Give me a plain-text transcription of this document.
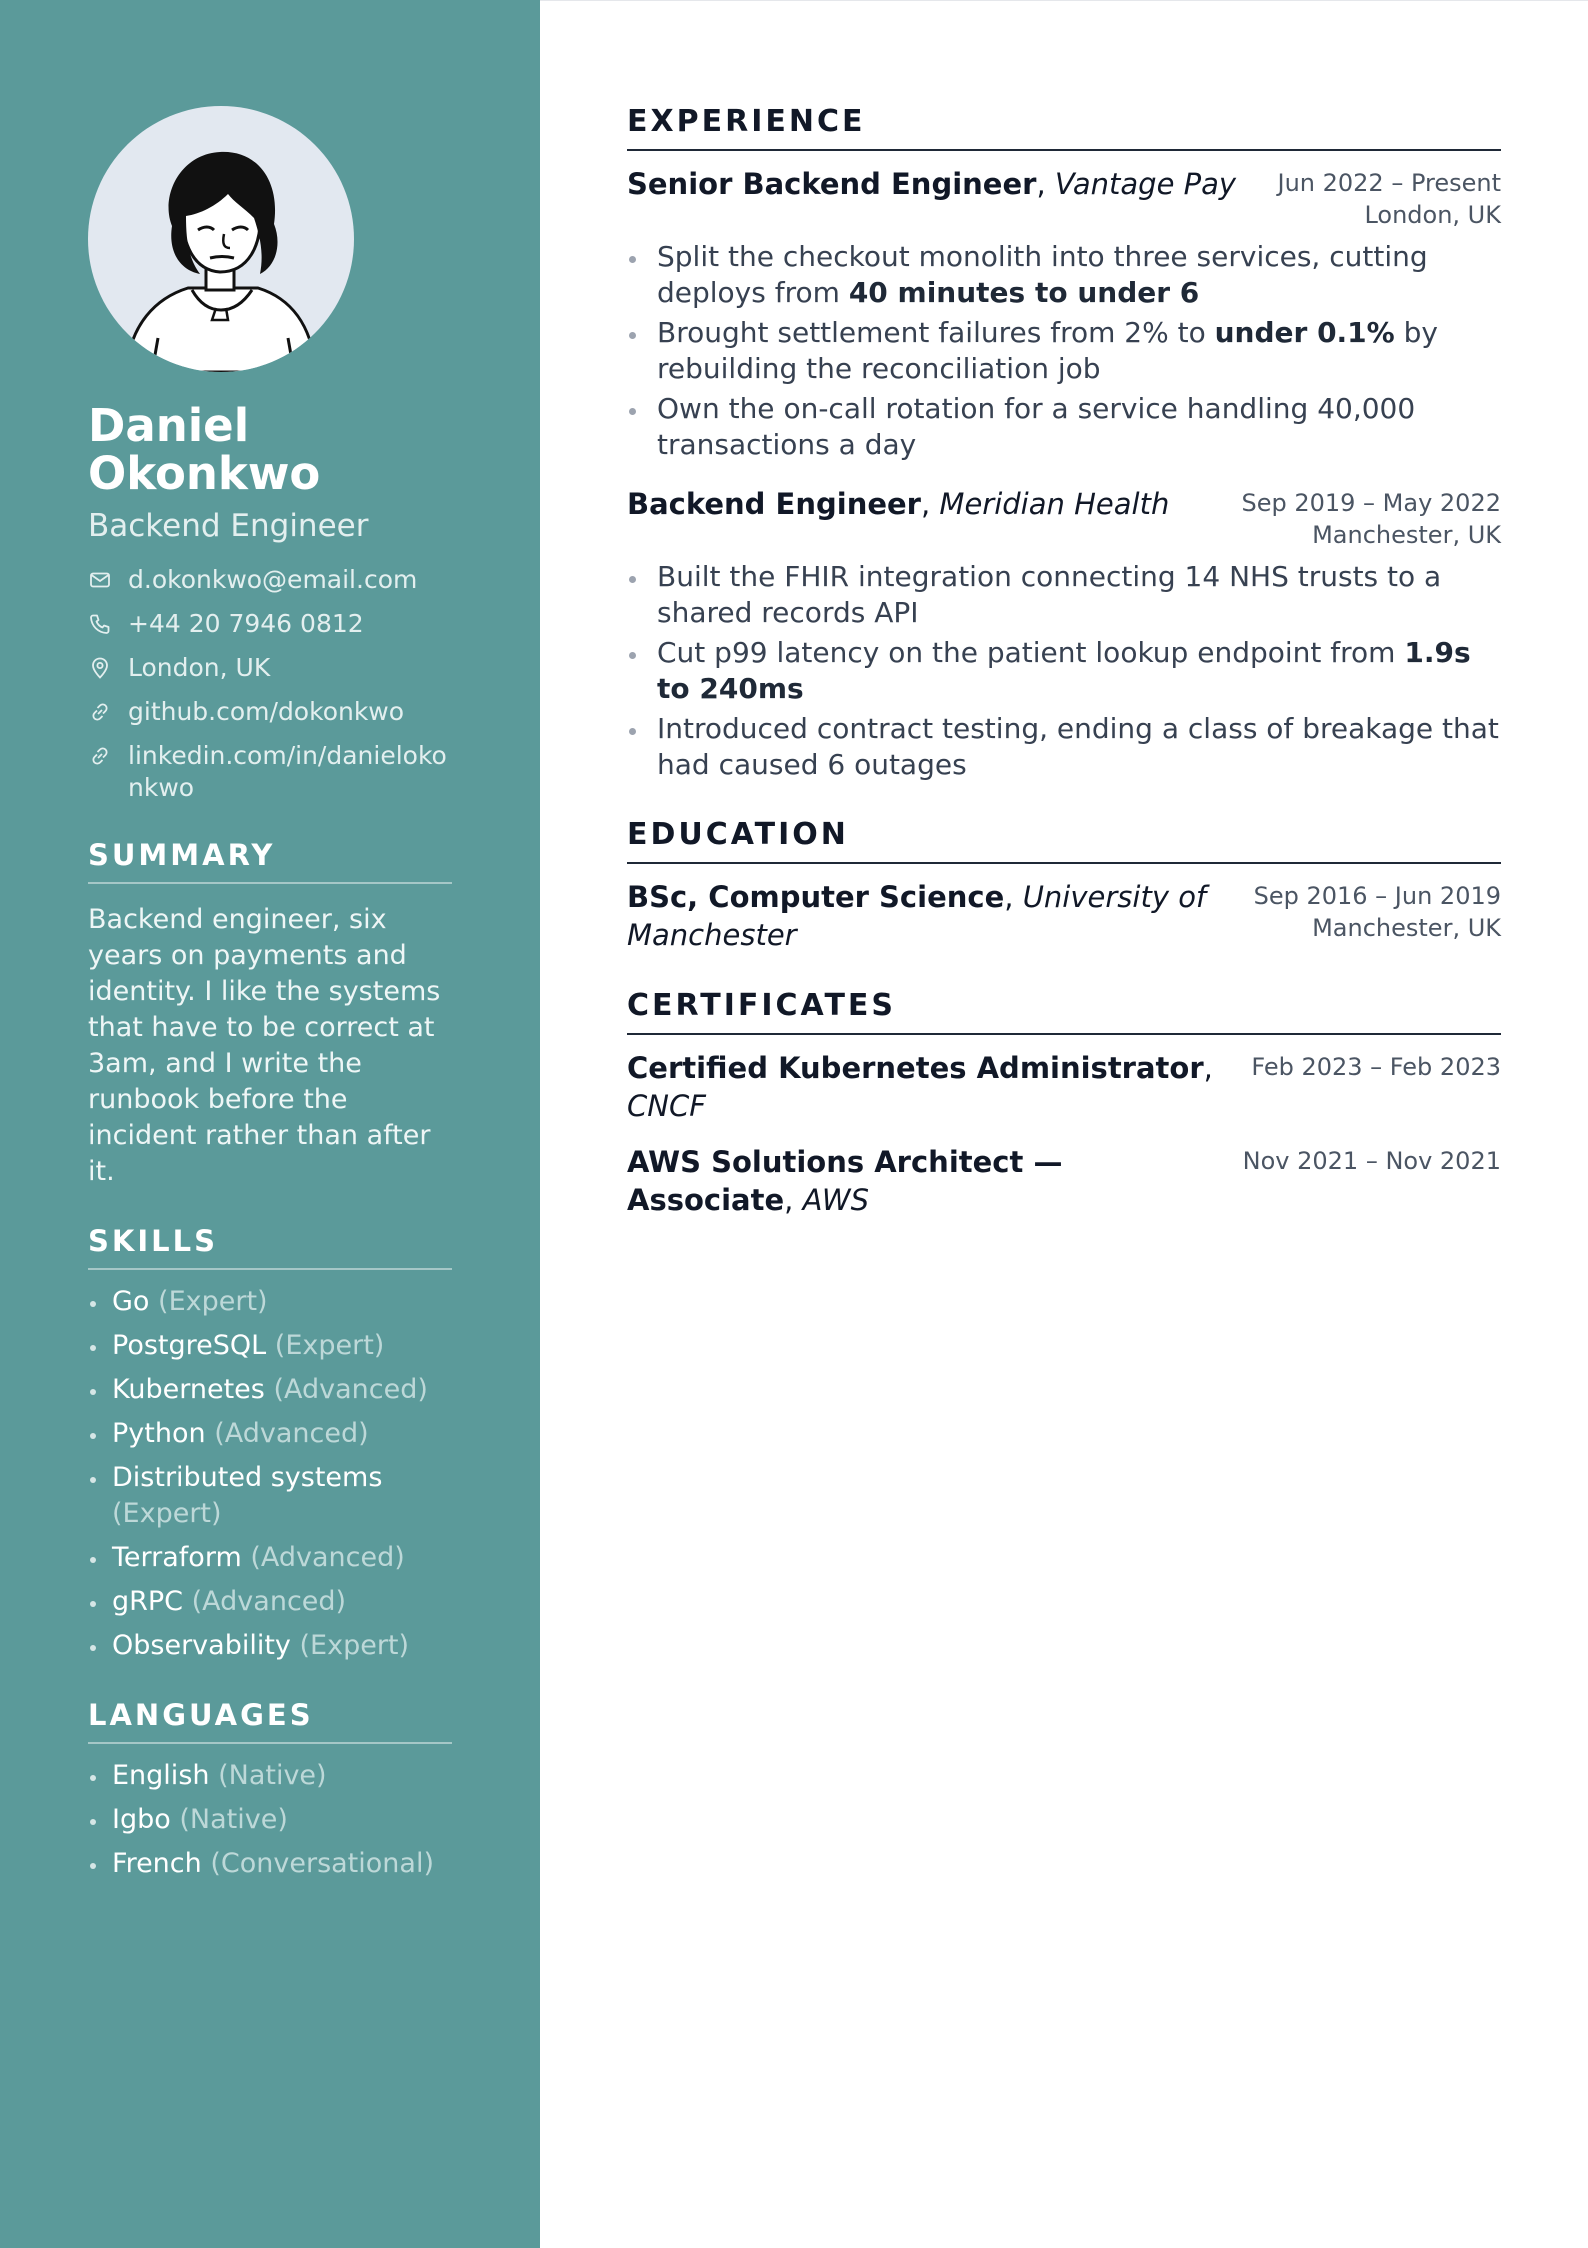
Daniel
Okonkwo
Backend Engineer
d.okonkwo@email.com
+44 20 7946 0812
London, UK
github.com/dokonkwo
linkedin.com/in/danielokonkwo
SUMMARY
Backend engineer, six years on payments and identity. I like the systems that have to be correct at 3am, and I write the runbook before the incident rather than after it.
SKILLS
Go (Expert)
PostgreSQL (Expert)
Kubernetes (Advanced)
Python (Advanced)
Distributed systems (Expert)
Terraform (Advanced)
gRPC (Advanced)
Observability (Expert)
LANGUAGES
English (Native)
Igbo (Native)
French (Conversational)
EXPERIENCE
Senior Backend Engineer, Vantage Pay Jun 2022 – Present
London, UK
Split the checkout monolith into three services, cutting deploys from 40 minutes to under 6
Brought settlement failures from 2% to under 0.1% by rebuilding the reconciliation job
Own the on-call rotation for a service handling 40,000 transactions a day
Backend Engineer, Meridian Health	Sep 2019 – May 2022
Manchester, UK
Built the FHIR integration connecting 14 NHS trusts to a shared records API
Cut p99 latency on the patient lookup endpoint from 1.9s to 240ms
Introduced contract testing, ending a class of breakage that had caused 6 outages
EDUCATION
BSc, Computer Science, University of Manchester
Sep 2016 – Jun 2019
Manchester, UK
CERTIFICATES
Certified Kubernetes Administrator, CNCF
Feb 2023 – Feb 2023
AWS Solutions Architect — Associate, AWS
Nov 2021 – Nov 2021
